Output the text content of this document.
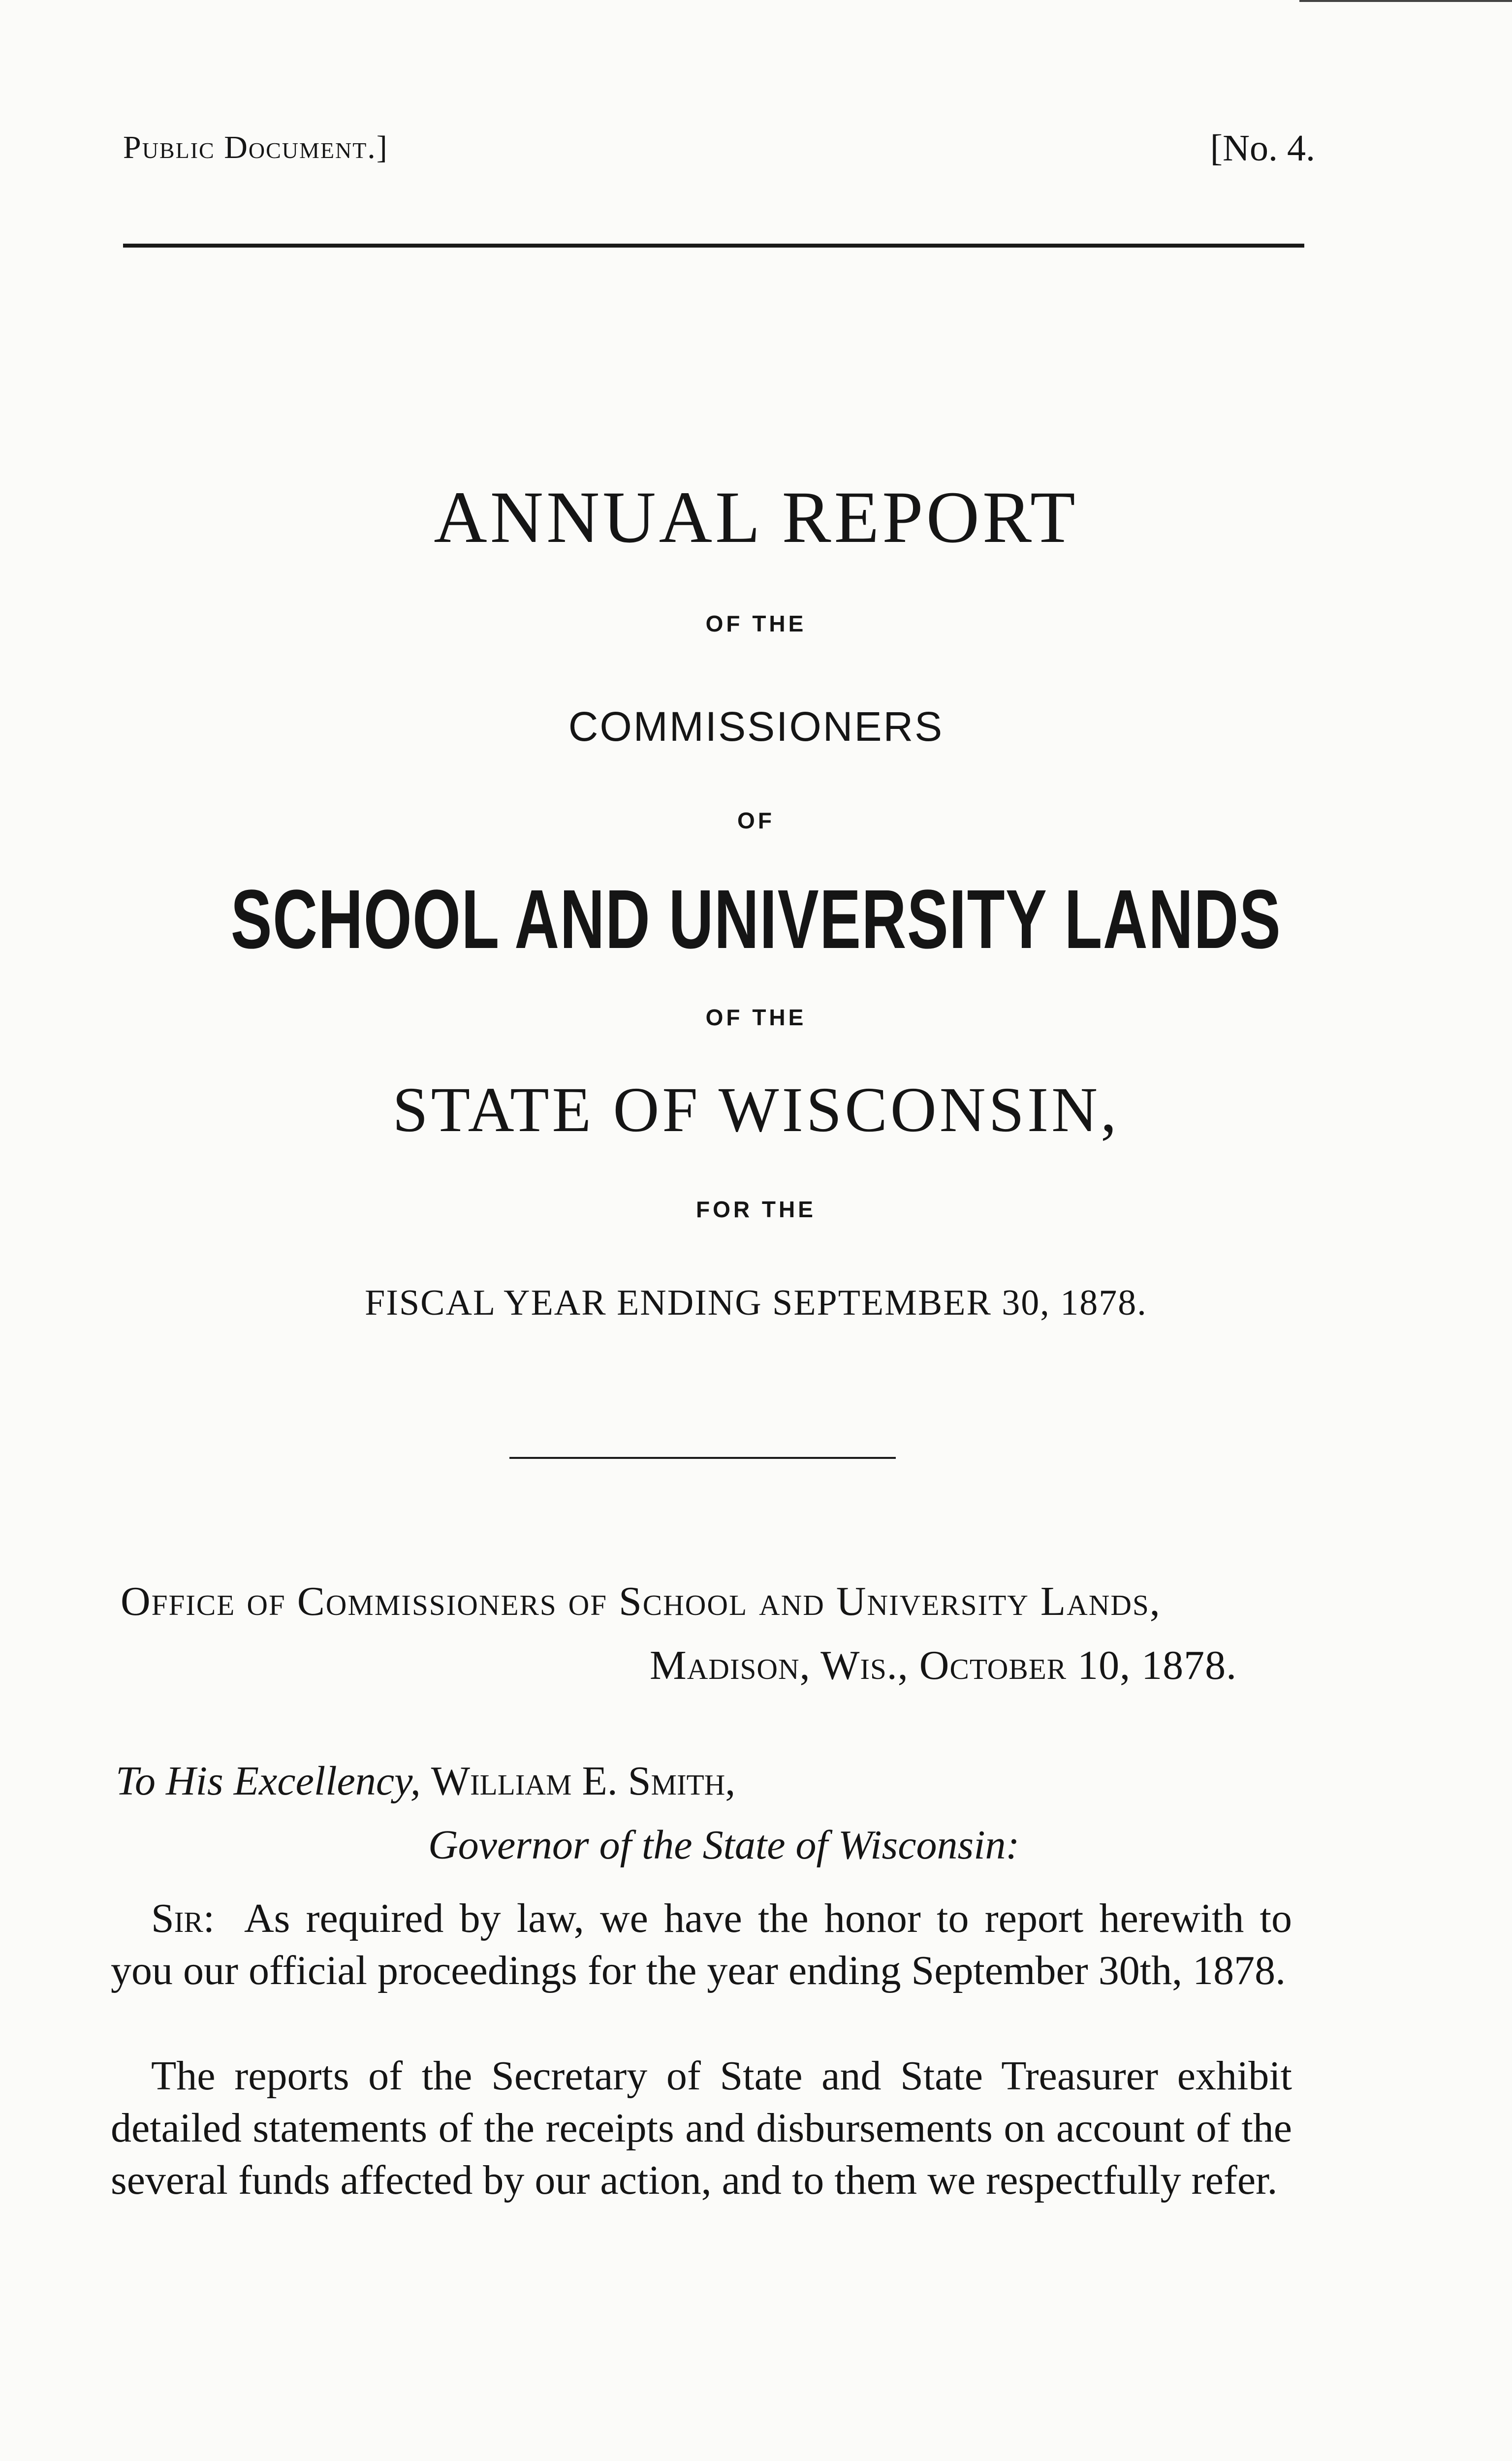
Public Document.]	[No. 4.
ANNUAL REPORT
OF THE
COMMISSIONERS
OF
SCHOOL AND UNIVERSITY LANDS
OF THE
STATE OF WISCONSIN,
FOR THE
FISCAL YEAR ENDING SEPTEMBER 30, 1878.
Office of Commissioners of School and University Lands,
Madison, Wis., October 10, 1878.
To His Excellency, William E. Smith,
Governor of the State of Wisconsin:
Sir: As required by law, we have the honor to report herewith to you our official proceedings for the year ending September 30th, 1878.
The reports of the Secretary of State and State Treasurer exhibit detailed statements of the receipts and disbursements on account of the several funds affected by our action, and to them we respectfully refer.
